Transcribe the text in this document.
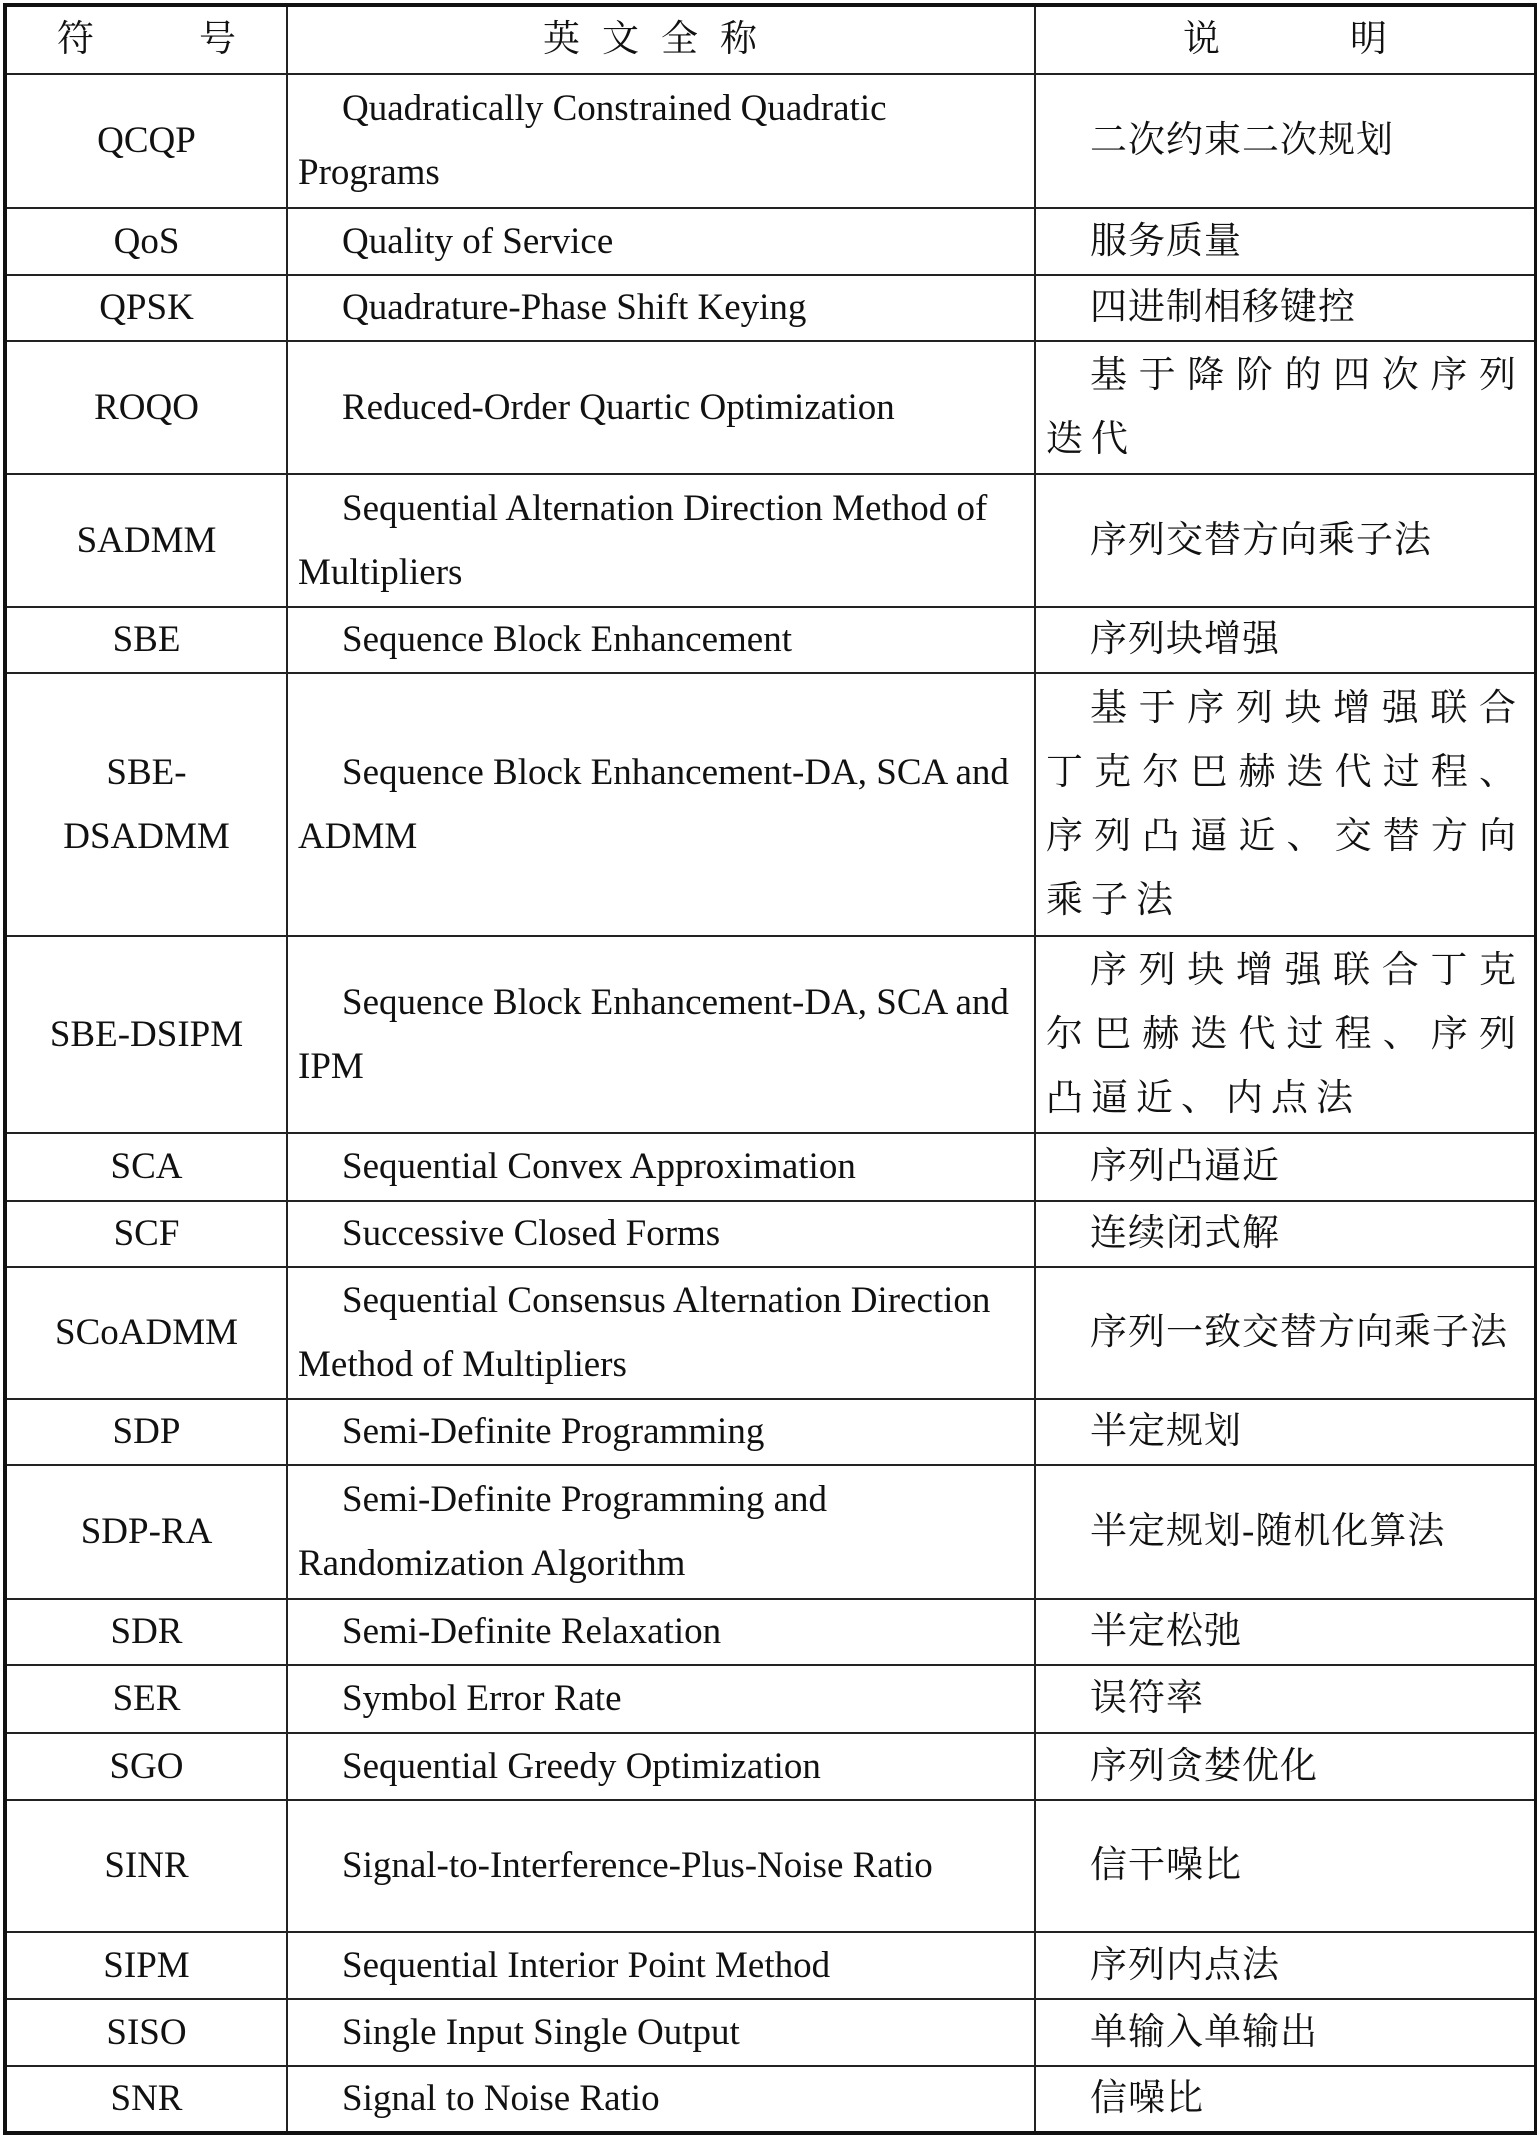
符 号	英文全称	说 明

QCQP	Quadratically Constrained Quadratic Programs	二次约束二次规划
QoS	Quality of Service	服务质量
QPSK	Quadrature-Phase Shift Keying	四进制相移键控
ROQO	Reduced-Order Quartic Optimization	基于降阶的四次序列迭代
SADMM	Sequential Alternation Direction Method of Multipliers	序列交替方向乘子法
SBE	Sequence Block Enhancement	序列块增强
SBE-DSADMM	Sequence Block Enhancement-DA, SCA and ADMM	基于序列块增强联合丁克尔巴赫迭代过程、序列凸逼近、交替方向乘子法
SBE-DSIPM	Sequence Block Enhancement-DA, SCA and IPM	序列块增强联合丁克尔巴赫迭代过程、序列凸逼近、内点法
SCA	Sequential Convex Approximation	序列凸逼近
SCF	Successive Closed Forms	连续闭式解
SCoADMM	Sequential Consensus Alternation Direction Method of Multipliers	序列一致交替方向乘子法
SDP	Semi-Definite Programming	半定规划
SDP-RA	Semi-Definite Programming and Randomization Algorithm	半定规划-随机化算法
SDR	Semi-Definite Relaxation	半定松弛
SER	Symbol Error Rate	误符率
SGO	Sequential Greedy Optimization	序列贪婪优化
SINR	Signal-to-Interference-Plus-Noise Ratio	信干噪比
SIPM	Sequential Interior Point Method	序列内点法
SISO	Single Input Single Output	单输入单输出
SNR	Signal to Noise Ratio	信噪比
